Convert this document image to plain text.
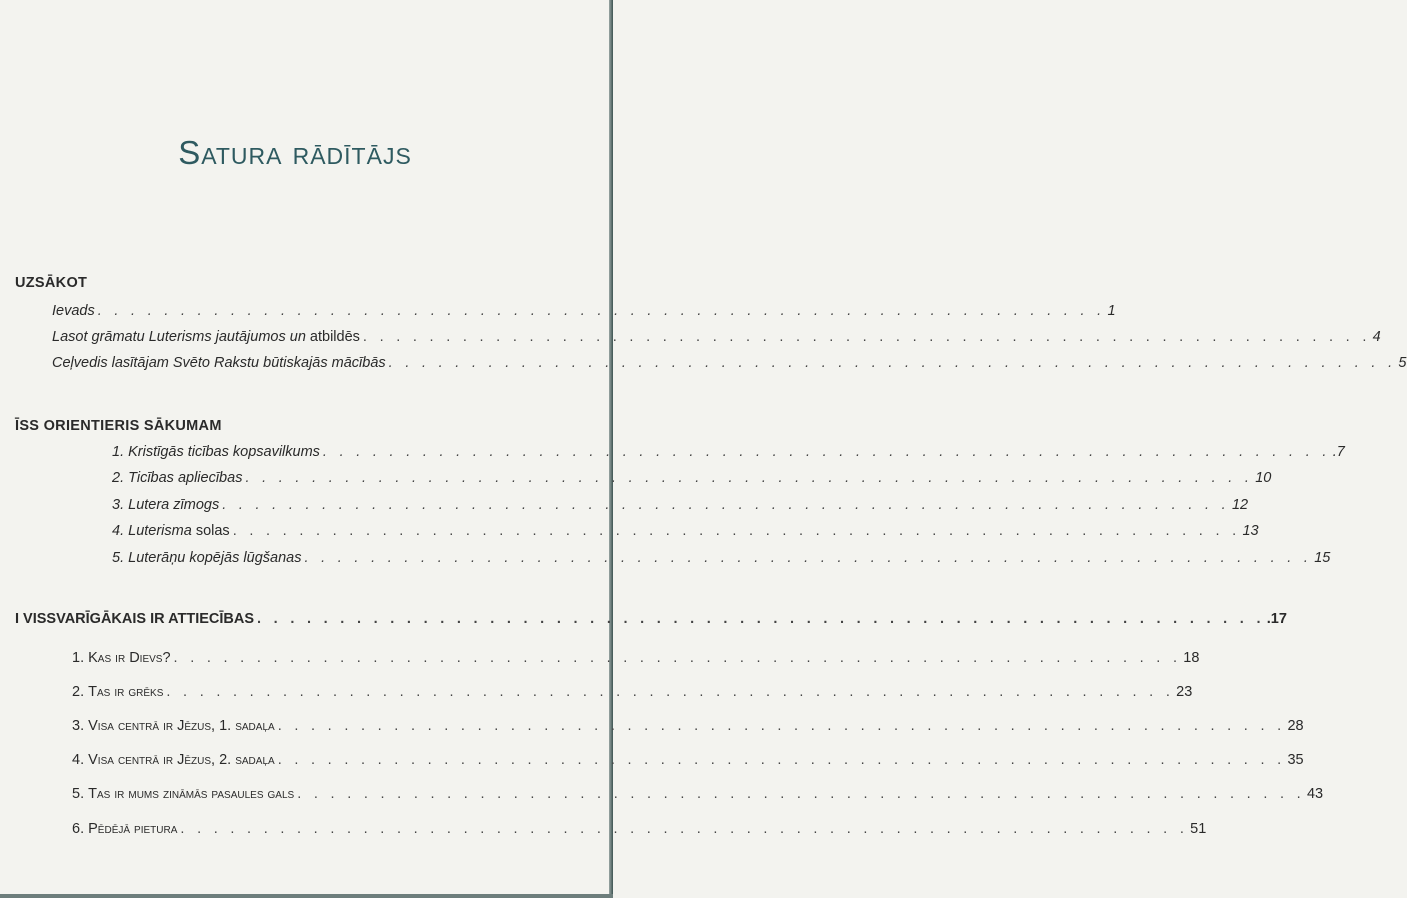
Satura rādītājs
UZSĀKOT
Ievads . . . . . . . . . . . . . . . . . . . . . . . . . . . . . . . . . . . . . . . . . . . . . . . . . . . . . . . . . . . . . 1
Lasot grāmatu Luterisms jautājumos un atbildēs . . . . . . . . . . . . . . . . . . . . . . . . . . . . . . . . . . . . . . . . . . . . . . . . . . . . . . . . . . . . . 4
Ceļvedis lasītājam Svēto Rakstu būtiskajās mācībās . . . . . . . . . . . . . . . . . . . . . . . . . . . . . . . . . . . . . . . . . . . . . . . . . . . . . . . . . . . . . 5
ĪSS ORIENTIERIS SĀKUMAM
1. Kristīgās ticības kopsavilkums . . . . . . . . . . . . . . . . . . . . . . . . . . . . . . . . . . . . . . . . . . . . . . . . . . . . . . . . . . . . . .7
2. Ticības apliecības . . . . . . . . . . . . . . . . . . . . . . . . . . . . . . . . . . . . . . . . . . . . . . . . . . . . . . . . . . . . . 10
3. Lutera zīmogs . . . . . . . . . . . . . . . . . . . . . . . . . . . . . . . . . . . . . . . . . . . . . . . . . . . . . . . . . . . . . 12
4. Luterisma solas . . . . . . . . . . . . . . . . . . . . . . . . . . . . . . . . . . . . . . . . . . . . . . . . . . . . . . . . . . . . . 13
5. Luterāņu kopējās lūgšanas . . . . . . . . . . . . . . . . . . . . . . . . . . . . . . . . . . . . . . . . . . . . . . . . . . . . . . . . . . . . . 15
I VISSVARĪGĀKAIS IR ATTIECĪBAS . . . . . . . . . . . . . . . . . . . . . . . . . . . . . . . . . . . . . . . . . . . . . . . . . . . . . . . . . . . . . .17
1. Kas ir Dievs? . . . . . . . . . . . . . . . . . . . . . . . . . . . . . . . . . . . . . . . . . . . . . . . . . . . . . . . . . . . . . 18
2. Tas ir grēks . . . . . . . . . . . . . . . . . . . . . . . . . . . . . . . . . . . . . . . . . . . . . . . . . . . . . . . . . . . . . 23
3. Visa centrā ir Jēzus, 1. sadaļa . . . . . . . . . . . . . . . . . . . . . . . . . . . . . . . . . . . . . . . . . . . . . . . . . . . . . . . . . . . . . 28
4. Visa centrā ir Jēzus, 2. sadaļa . . . . . . . . . . . . . . . . . . . . . . . . . . . . . . . . . . . . . . . . . . . . . . . . . . . . . . . . . . . . . 35
5. Tas ir mums zināmās pasaules gals . . . . . . . . . . . . . . . . . . . . . . . . . . . . . . . . . . . . . . . . . . . . . . . . . . . . . . . . . . . . . 43
6. Pēdējā pietura . . . . . . . . . . . . . . . . . . . . . . . . . . . . . . . . . . . . . . . . . . . . . . . . . . . . . . . . . . . . . 51
